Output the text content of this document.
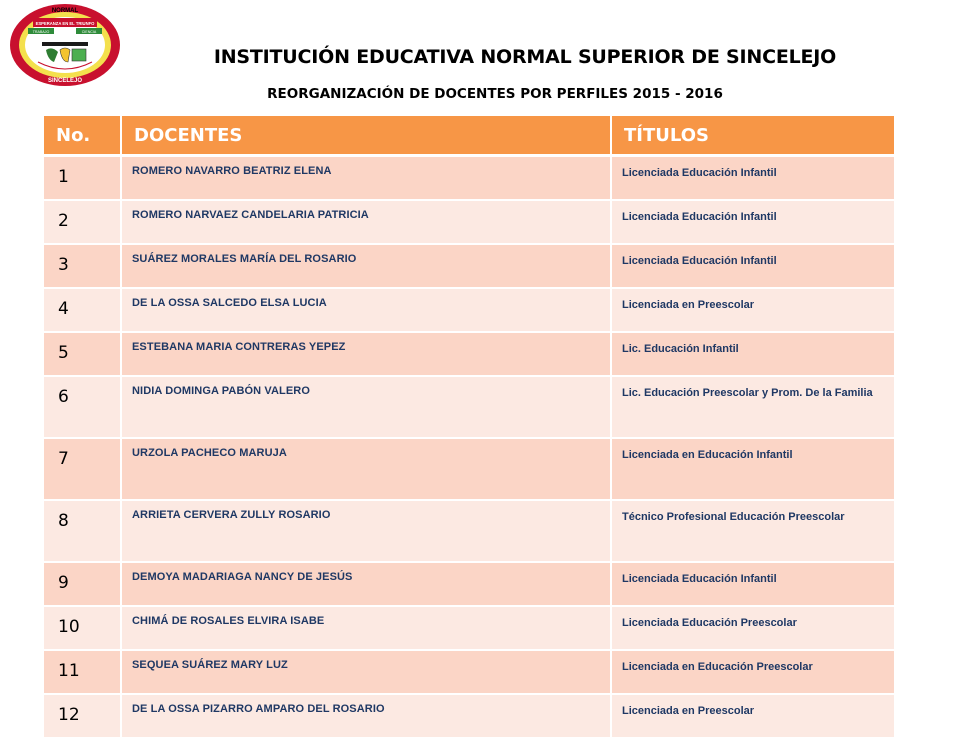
NORMAL
ESPERANZA EN EL TRIUNFO
TRABAJO	CIENCIA
SINCELEJO
INSTITUCIÓN EDUCATIVA NORMAL SUPERIOR DE SINCELEJO
REORGANIZACIÓN DE DOCENTES POR PERFILES 2015 - 2016
No.	DOCENTES	TÍTULOS
1	ROMERO NAVARRO BEATRIZ ELENA	Licenciada Educación Infantil
2	ROMERO NARVAEZ CANDELARIA PATRICIA	Licenciada Educación Infantil
3	SUÁREZ MORALES MARÍA DEL ROSARIO	Licenciada Educación Infantil
4	DE LA OSSA SALCEDO ELSA LUCIA	Licenciada en Preescolar
5	ESTEBANA MARIA CONTRERAS YEPEZ	Lic. Educación Infantil
6	NIDIA DOMINGA PABÓN VALERO	Lic. Educación Preescolar y Prom. De la Familia
7	URZOLA PACHECO MARUJA	Licenciada en Educación Infantil
8	ARRIETA CERVERA ZULLY ROSARIO	Técnico Profesional Educación Preescolar
9	DEMOYA MADARIAGA NANCY DE JESÚS	Licenciada Educación Infantil
10	CHIMÁ DE ROSALES ELVIRA ISABE	Licenciada Educación Preescolar
11	SEQUEA SUÁREZ MARY LUZ	Licenciada en Educación Preescolar
12	DE LA OSSA PIZARRO AMPARO DEL ROSARIO	Licenciada en Preescolar
